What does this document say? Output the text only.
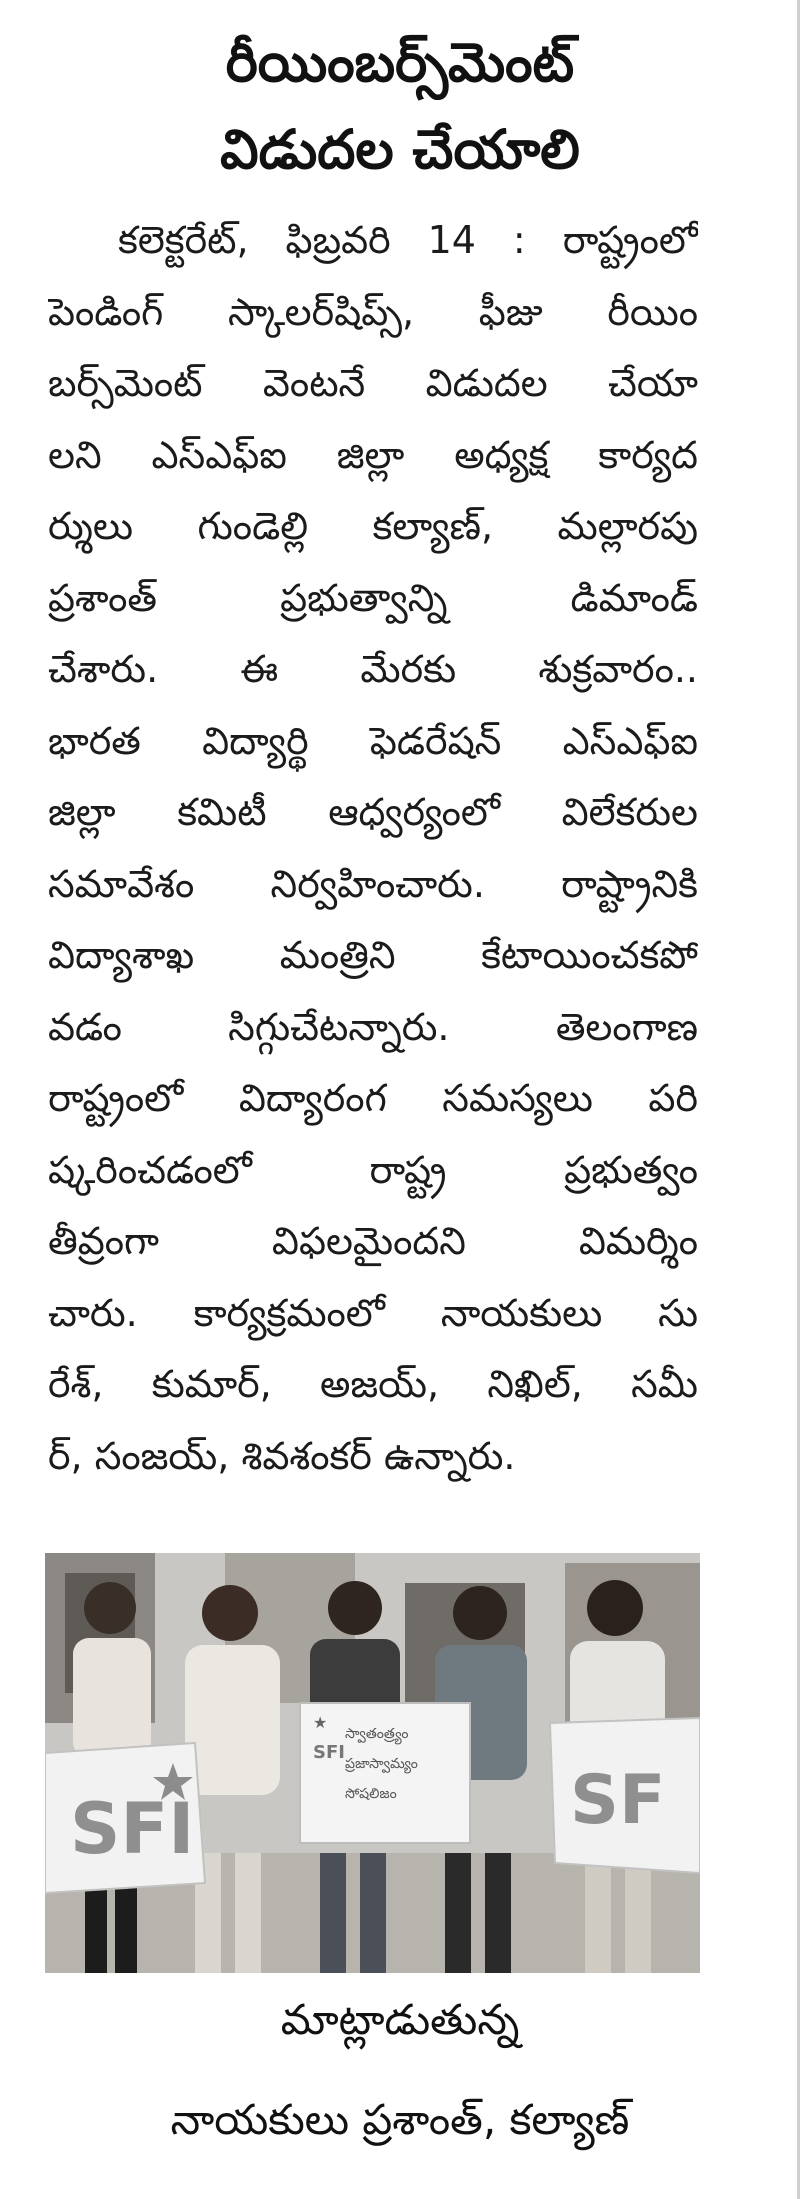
రీయింబర్స్‌మెంట్
విడుదల చేయాలి
కలెక్టరేట్, ఫిబ్రవరి 14 : రాష్ట్రంలో
పెండింగ్ స్కాలర్‌షిప్స్, ఫీజు రీయిం
బర్స్‌మెంట్ వెంటనే విడుదల చేయా
లని ఎస్ఎఫ్ఐ జిల్లా అధ్యక్ష కార్యద
ర్శులు గుండెల్లి కల్యాణ్, మల్లారపు
ప్రశాంత్ ప్రభుత్వాన్ని డిమాండ్
చేశారు. ఈ మేరకు శుక్రవారం..
భారత విద్యార్థి ఫెడరేషన్ ఎస్ఎఫ్ఐ
జిల్లా కమిటీ ఆధ్వర్యంలో విలేకరుల
సమావేశం నిర్వహించారు. రాష్ట్రానికి
విద్యాశాఖ మంత్రిని కేటాయించకపో
వడం సిగ్గుచేటన్నారు. తెలంగాణ
రాష్ట్రంలో విద్యారంగ సమస్యలు పరి
ష్కరించడంలో రాష్ట్ర ప్రభుత్వం
తీవ్రంగా విఫలమైందని విమర్శిం
చారు. కార్యక్రమంలో నాయకులు సు
రేశ్, కుమార్, అజయ్, నిఖిల్, సమీ
ర్, సంజయ్, శివశంకర్ ఉన్నారు.
SFI
★
SFI
స్వాతంత్ర్యం
ప్రజాస్వామ్యం
సోషలిజం	SF
మాట్లాడుతున్న
నాయకులు ప్రశాంత్, కల్యాణ్
